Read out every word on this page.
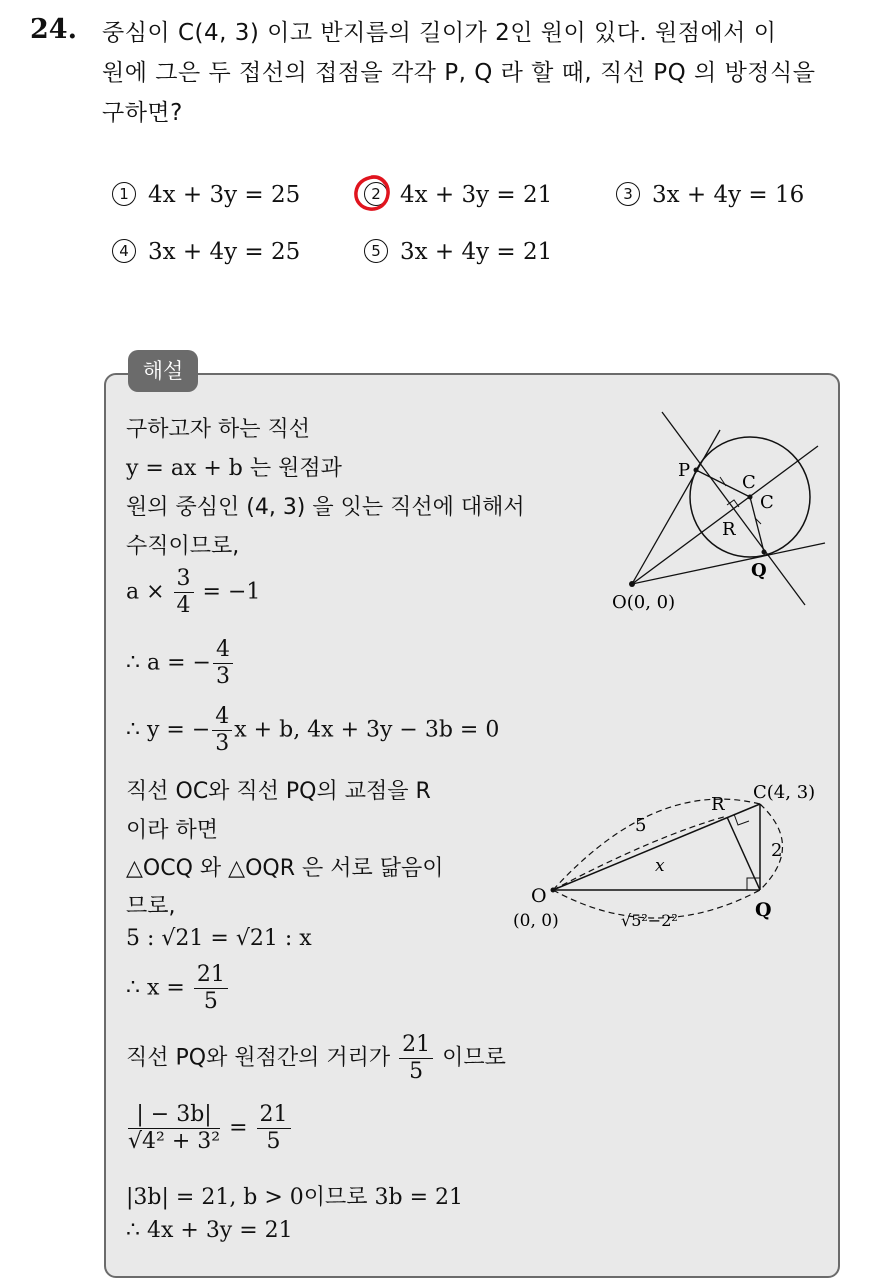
24. 중심이 C(4, 3) 이고 반지름의 길이가 2인 원이 있다. 원점에서 이
원에 그은 두 접선의 접점을 각각 P, Q 라 할 때, 직선 PQ 의 방정식을
구하면?
1 4x + 3y = 25	2 4x + 3y = 21	3 3x + 4y = 16
4 3x + 4y = 25	5 3x + 4y = 21
해설
구하고자 하는 직선
y = ax + b 는 원점과
원의 중심인 (4, 3) 을 잇는 직선에 대해서
수직이므로,
$a \times \frac{3}{4} = -1$
∴ a = − $\frac{4}{3}$
∴ y = − $\frac{4}{3}$ x + b, 4x + 3y − 3b = 0
직선 OC와 직선 PQ의 교점을 R
이라 하면
△OCQ 와 △OQR 은 서로 닮음이
므로,
5 : √21 = √21 : x
∴ $x = \frac{21}{5}$
직선 PQ와 원점간의 거리가 $\frac{21}{5}$ 이므로
$\frac{| - 3b|}{\text{√4² + 3²}} = \frac{21}{5}$
|3b| = 21, b > 0이므로 3b = 21
∴ 4x + 3y = 21
P
C
C
R
Q
O(0, 0)
C(4, 3)
R
5
2
x
O
(0, 0)	Q
√5²−2²
